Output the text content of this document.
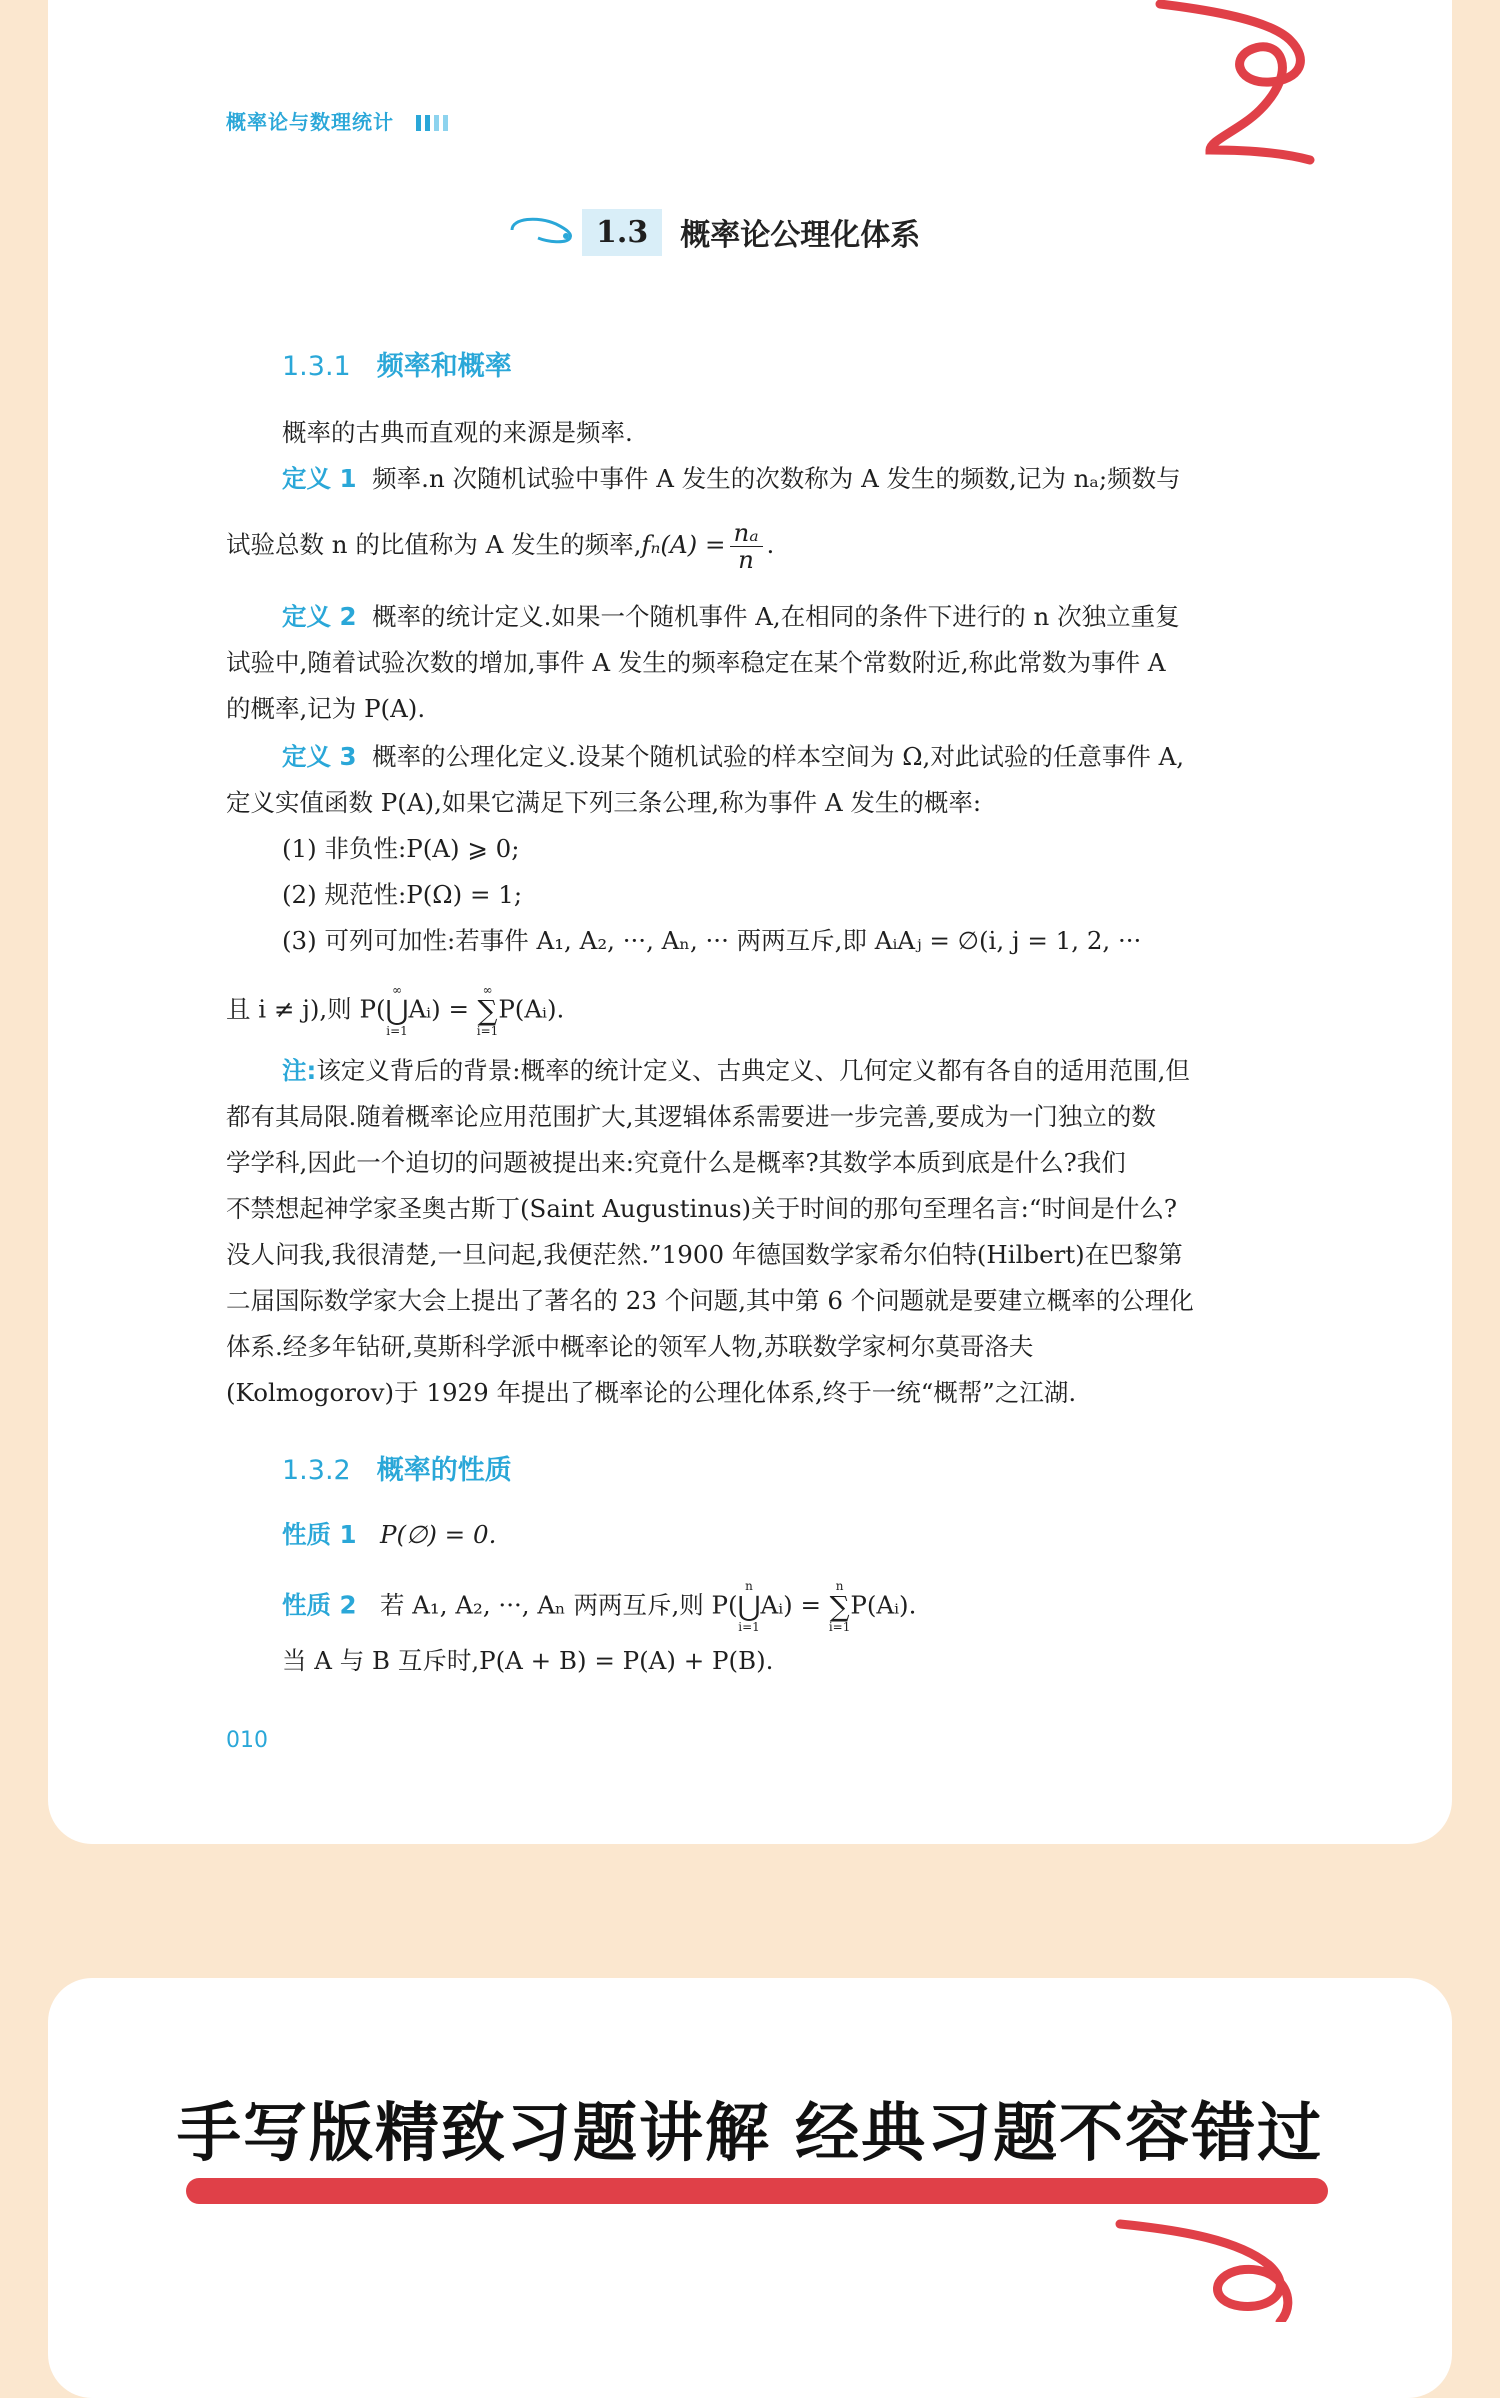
概率论与数理统计
1.3	概率论公理化体系
1.3.1 频率和概率
概率的古典而直观的来源是频率.
定义 1 频率.n 次随机试验中事件 A 发生的次数称为 A 发生的频数,记为 nₐ;频数与
试验总数 n 的比值称为 A 发生的频率$,f_n(A) = \frac{\text{nₐ}}{n}$ .
定义 2 概率的统计定义.如果一个随机事件 A,在相同的条件下进行的 n 次独立重复
试验中,随着试验次数的增加,事件 A 发生的频率稳定在某个常数附近,称此常数为事件 A
的概率,记为 P(A).
定义 3 概率的公理化定义.设某个随机试验的样本空间为 Ω,对此试验的任意事件 A,
定义实值函数 P(A),如果它满足下列三条公理,称为事件 A 发生的概率:
(1) 非负性:P(A) ⩾ 0;
(2) 规范性:P(Ω) = 1;
(3) 可列可加性:若事件 A₁, A₂, ···, Aₙ, ··· 两两互斥,即 AᵢAⱼ = ∅(i, j = 1, 2, ···
且 i ≠ j),则 P(∞
⋃
i=1Aᵢ) = ∞
∑
i=1P(Aᵢ).
注:该定义背后的背景:概率的统计定义、古典定义、几何定义都有各自的适用范围,但
都有其局限.随着概率论应用范围扩大,其逻辑体系需要进一步完善,要成为一门独立的数
学学科,因此一个迫切的问题被提出来:究竟什么是概率?其数学本质到底是什么?我们
不禁想起神学家圣奥古斯丁(Saint Augustinus)关于时间的那句至理名言:“时间是什么?
没人问我,我很清楚,一旦问起,我便茫然.”1900 年德国数学家希尔伯特(Hilbert)在巴黎第
二届国际数学家大会上提出了著名的 23 个问题,其中第 6 个问题就是要建立概率的公理化
体系.经多年钻研,莫斯科学派中概率论的领军人物,苏联数学家柯尔莫哥洛夫
(Kolmogorov)于 1929 年提出了概率论的公理化体系,终于一统“概帮”之江湖.
1.3.2 概率的性质
性质 1 P(∅) = 0.
性质 2 若 A₁, A₂, ···, Aₙ 两两互斥,则 P(n
⋃
i=1Aᵢ) = n
∑
i=1P(Aᵢ).
当 A 与 B 互斥时,P(A + B) = P(A) + P(B).
010
手写版精致习题讲解 经典习题不容错过
